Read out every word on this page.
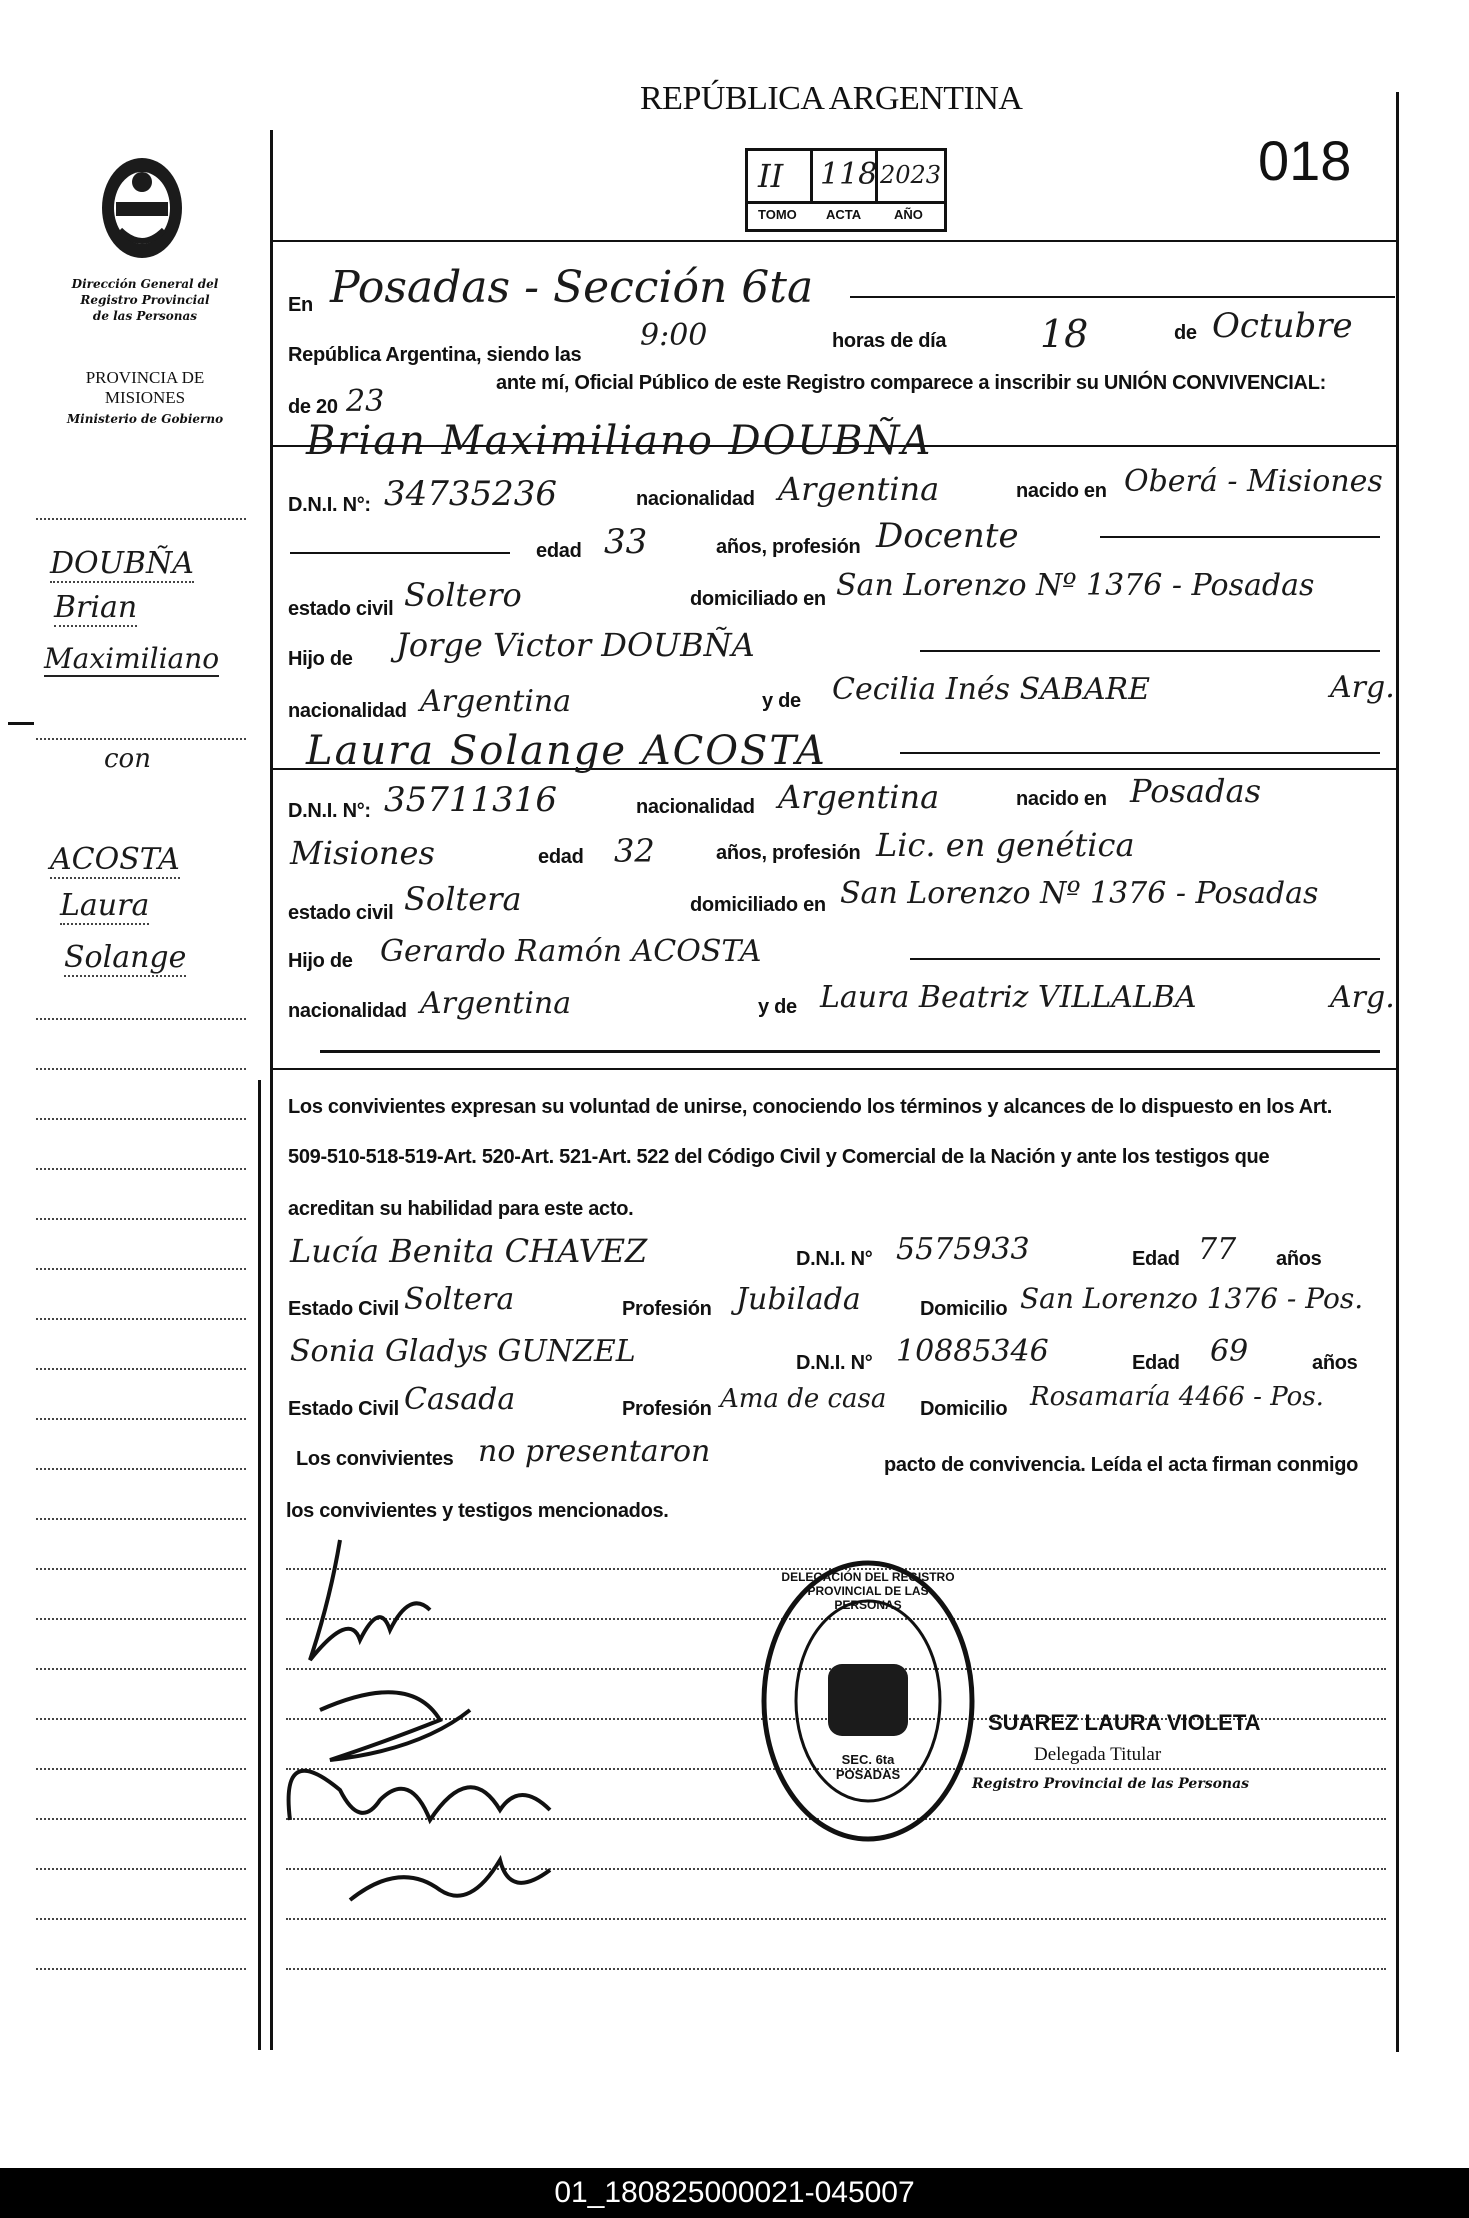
REPÚBLICA ARGENTINA
018
II 118 2023
TOMO ACTA	AÑO
Dirección General del
Registro Provincial
de las Personas
PROVINCIA DE
MISIONES
Ministerio de Gobierno
DOUBÑA
Brian
Maximiliano
con
ACOSTA
Laura
Solange
En Posadas - Sección 6ta
República Argentina, siendo las
9:00	horas de día 18	de Octubre
de 20 23
ante mí, Oficial Público de este Registro comparece a inscribir su UNIÓN CONVIVENCIAL:
Brian Maximiliano DOUBÑA
D.N.I. N°: 34735236	nacionalidad Argentina	nacido en Oberá - Misiones
edad 33	años, profesión Docente
estado civil Soltero	domiciliado en San Lorenzo Nº 1376 - Posadas
Hijo de Jorge Victor DOUBÑA
nacionalidad Argentina	y de Cecilia Inés SABARE	Arg.
Laura Solange ACOSTA
D.N.I. N°: 35711316	nacionalidad Argentina	nacido en Posadas
Misiones	edad 32	años, profesión Lic. en genética
estado civil Soltera	domiciliado en San Lorenzo Nº 1376 - Posadas
Hijo de Gerardo Ramón ACOSTA
nacionalidad Argentina	y de Laura Beatriz VILLALBA	Arg.
Los convivientes expresan su voluntad de unirse, conociendo los términos y alcances de lo dispuesto en los Art.
509-510-518-519-Art. 520-Art. 521-Art. 522 del Código Civil y Comercial de la Nación y ante los testigos que
acreditan su habilidad para este acto.
Lucía Benita CHAVEZ	D.N.I. N° 5575933	Edad 77 años
Estado Civil Soltera	Profesión Jubilada	Domicilio San Lorenzo 1376 - Pos.
Sonia Gladys GUNZEL	D.N.I. N° 10885346	Edad 69	años
Estado Civil Casada	Profesión Ama de casa Domicilio Rosamaría 4466 - Pos.
Los convivientes no presentaron	pacto de convivencia. Leída el acta firman conmigo
los convivientes y testigos mencionados.
DELEGACIÓN DEL REGISTRO PROVINCIAL DE LAS PERSONAS
SEC. 6ta POSADAS
SUAREZ LAURA VIOLETA
Delegada Titular
Registro Provincial de las Personas
01_180825000021-045007
